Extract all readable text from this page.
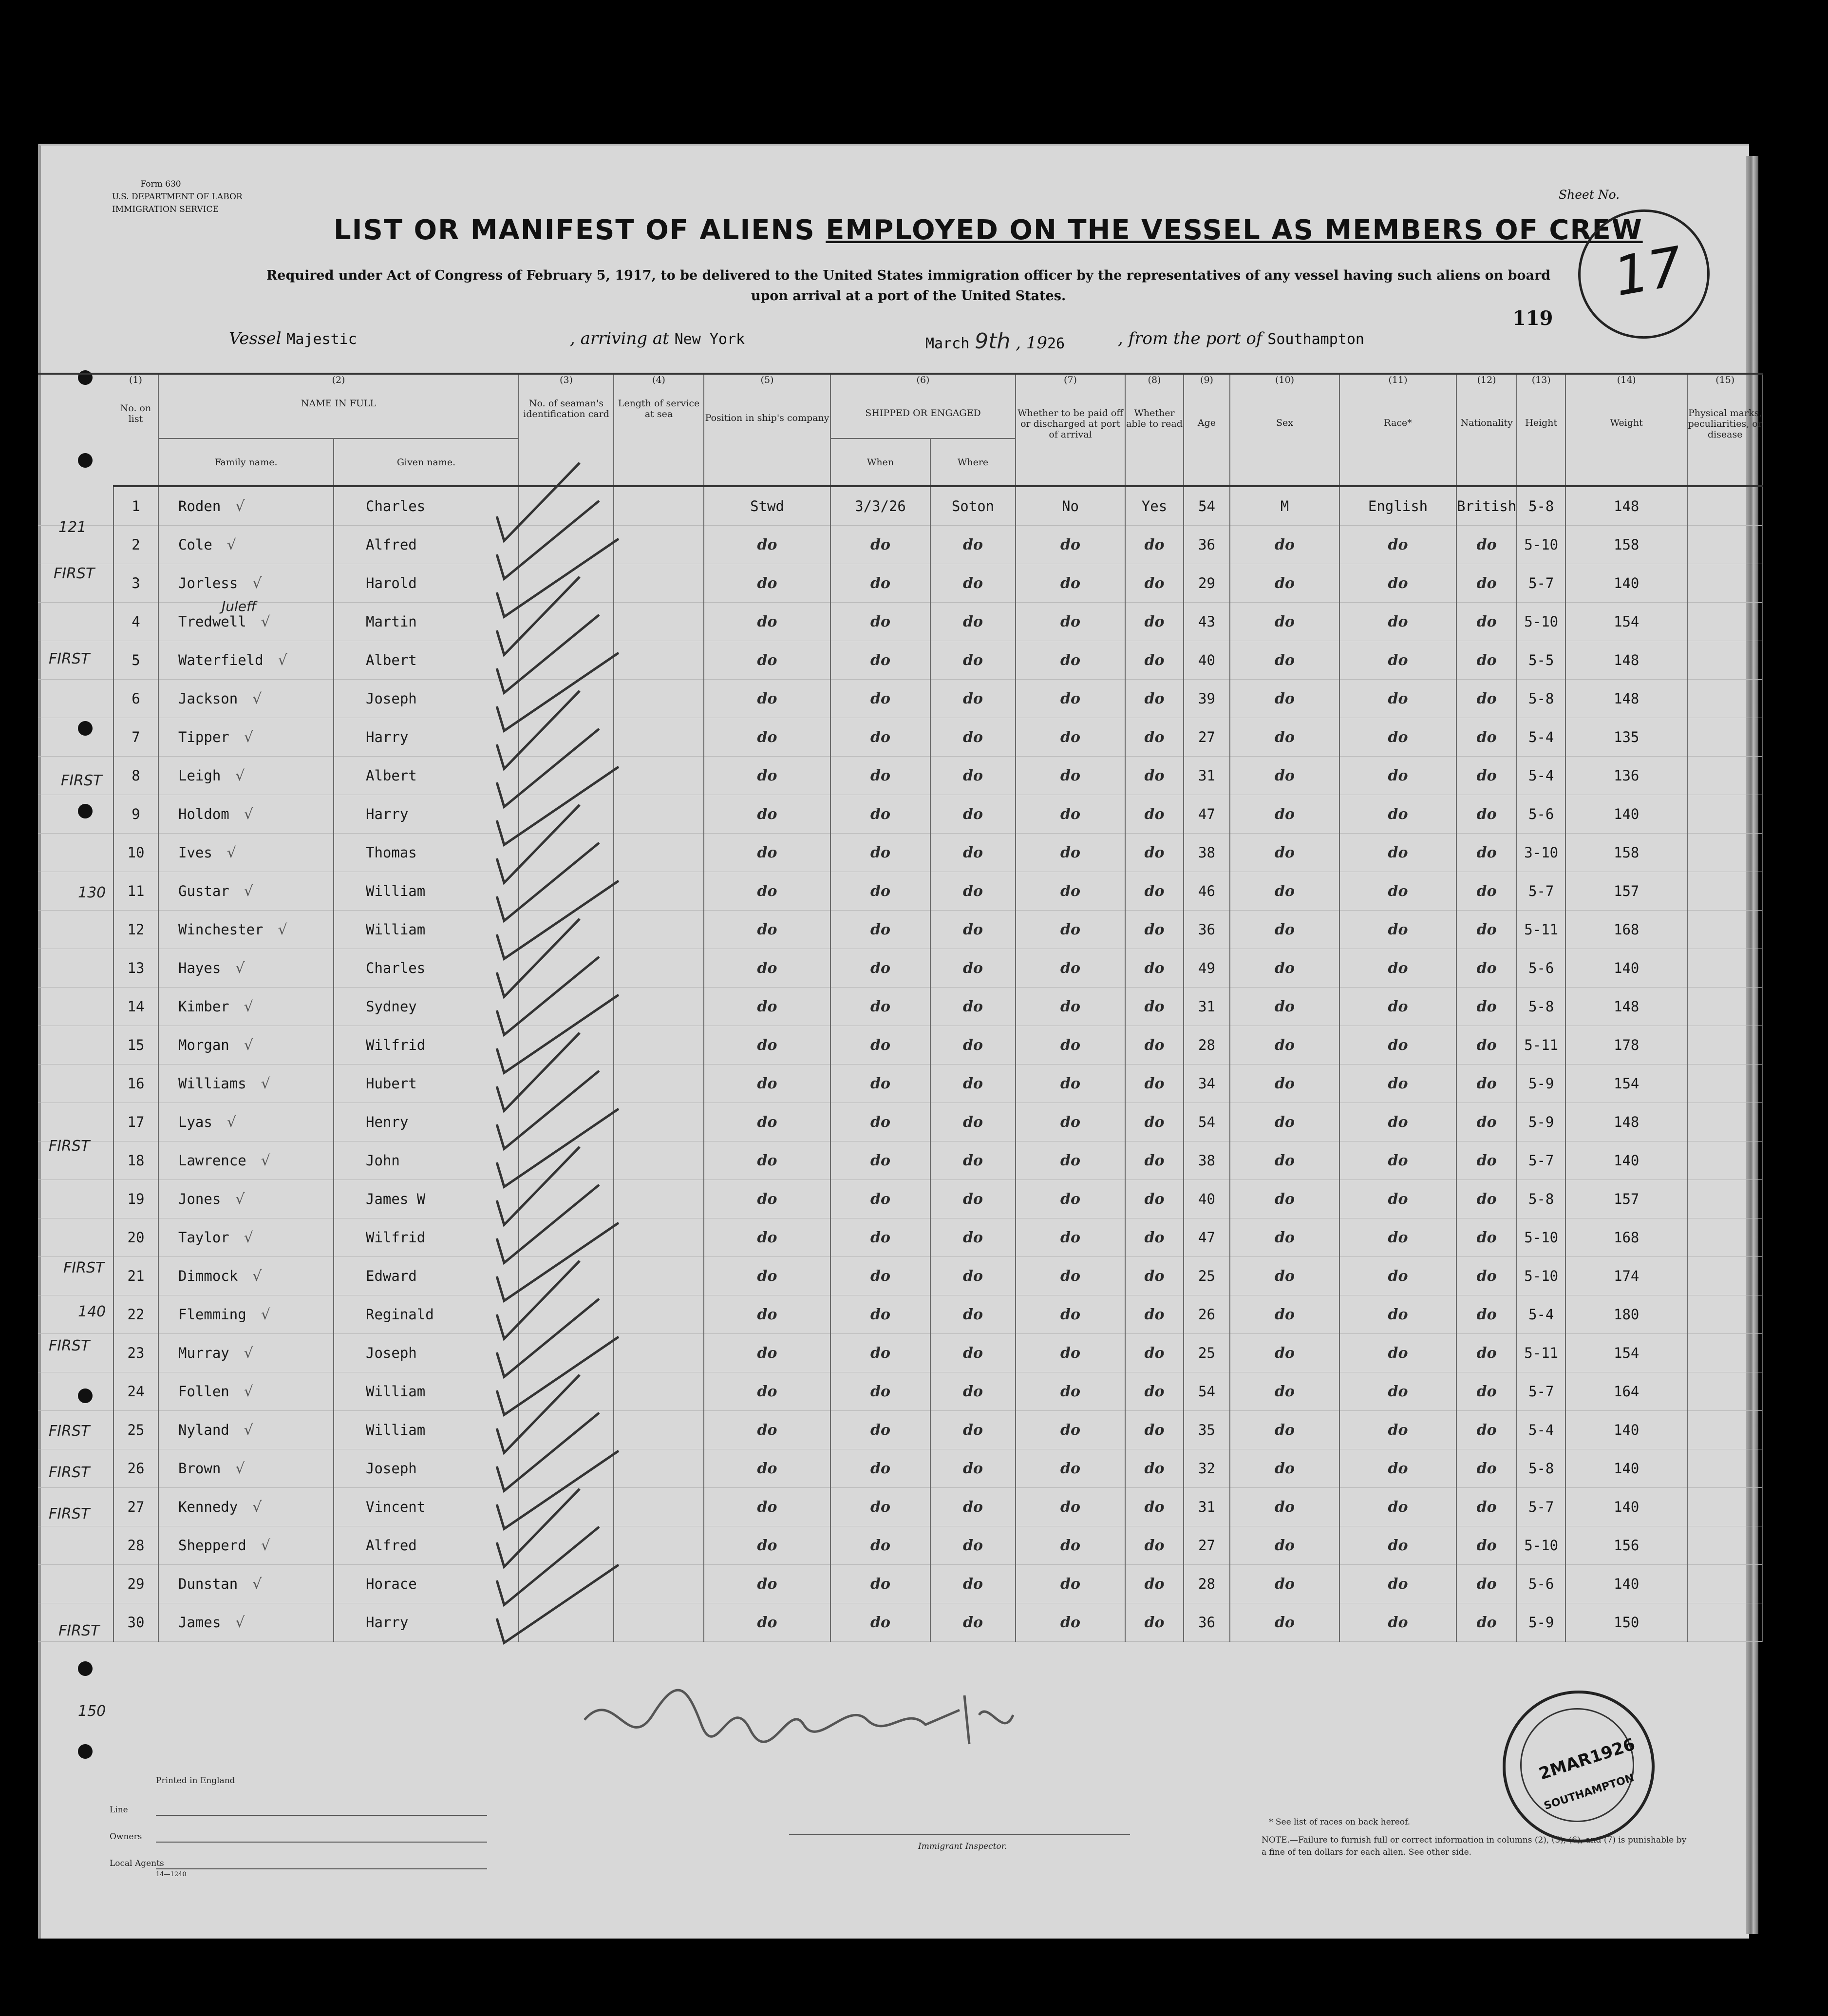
Form 630
U.S. DEPARTMENT OF LABOR
IMMIGRATION SERVICE
Sheet No.
LIST OR MANIFEST OF ALIENS EMPLOYED ON THE VESSEL AS MEMBERS OF CREW
Required under Act of Congress of February 5, 1917, to be delivered to the United States immigration officer by the representatives of any vessel having such aliens on board upon arrival at a port of the United States.
119
17
Vessel Majestic	, arriving at New York	March 9th , 1926	, from the port of Southampton
	(1)	(2)		(3)	(4)	(5)	(6)		(7)	(8)	(9)	(10)	(11)	(12)	(13)	(14)	(15)
	No. on list	NAME IN FULL		No. of seaman's identification card	Length of service at sea	Position in ship's company	SHIPPED OR ENGAGED		Whether to be paid off or discharged at port of arrival	Whether able to read	Age	Sex	Race*	Nationality	Height	Weight	Physical marks, peculiarities, or disease
		Family name.	Given name.				When	Where									
	1	Roden √	Charles			Stwd	3/3/26	Soton	No	Yes	54	M	English	British	5-8	148	
	2	Cole √	Alfred			do	do	do	do	do	36	do	do	do	5-10	158	
	3	Jorless √	Harold			do	do	do	do	do	29	do	do	do	5-7	140	
	4	Tredwell √	Martin			do	do	do	do	do	43	do	do	do	5-10	154	
	5	Waterfield √	Albert			do	do	do	do	do	40	do	do	do	5-5	148	
	6	Jackson √	Joseph			do	do	do	do	do	39	do	do	do	5-8	148	
	7	Tipper √	Harry			do	do	do	do	do	27	do	do	do	5-4	135	
	8	Leigh √	Albert			do	do	do	do	do	31	do	do	do	5-4	136	
	9	Holdom √	Harry			do	do	do	do	do	47	do	do	do	5-6	140	
	10	Ives √	Thomas			do	do	do	do	do	38	do	do	do	3-10	158	
	11	Gustar √	William			do	do	do	do	do	46	do	do	do	5-7	157	
	12	Winchester √	William			do	do	do	do	do	36	do	do	do	5-11	168	
	13	Hayes √	Charles			do	do	do	do	do	49	do	do	do	5-6	140	
	14	Kimber √	Sydney			do	do	do	do	do	31	do	do	do	5-8	148	
	15	Morgan √	Wilfrid			do	do	do	do	do	28	do	do	do	5-11	178	
	16	Williams √	Hubert			do	do	do	do	do	34	do	do	do	5-9	154	
	17	Lyas √	Henry			do	do	do	do	do	54	do	do	do	5-9	148	
	18	Lawrence √	John			do	do	do	do	do	38	do	do	do	5-7	140	
	19	Jones √	James W			do	do	do	do	do	40	do	do	do	5-8	157	
	20	Taylor √	Wilfrid			do	do	do	do	do	47	do	do	do	5-10	168	
	21	Dimmock √	Edward			do	do	do	do	do	25	do	do	do	5-10	174	
	22	Flemming √	Reginald			do	do	do	do	do	26	do	do	do	5-4	180	
	23	Murray √	Joseph			do	do	do	do	do	25	do	do	do	5-11	154	
	24	Follen √	William			do	do	do	do	do	54	do	do	do	5-7	164	
	25	Nyland √	William			do	do	do	do	do	35	do	do	do	5-4	140	
	26	Brown √	Joseph			do	do	do	do	do	32	do	do	do	5-8	140	
	27	Kennedy √	Vincent			do	do	do	do	do	31	do	do	do	5-7	140	
	28	Shepperd √	Alfred			do	do	do	do	do	27	do	do	do	5-10	156	
	29	Dunstan √	Horace			do	do	do	do	do	28	do	do	do	5-6	140	
	30	James √	Harry			do	do	do	do	do	36	do	do	do	5-9	150	
121
130
140
150
FIRST
FIRST
FIRST
FIRST
FIRST
FIRST
FIRST
FIRST
FIRST
FIRST
Juleff
Printed in England
Line
Owners
Local Agents
14—1240
Immigrant Inspector.
* See list of races on back hereof.
NOTE.—Failure to furnish full or correct information in columns (2), (5), (6), and (7) is punishable by a fine of ten dollars for each alien. See other side.
2MAR1926
SOUTHAMPTON
